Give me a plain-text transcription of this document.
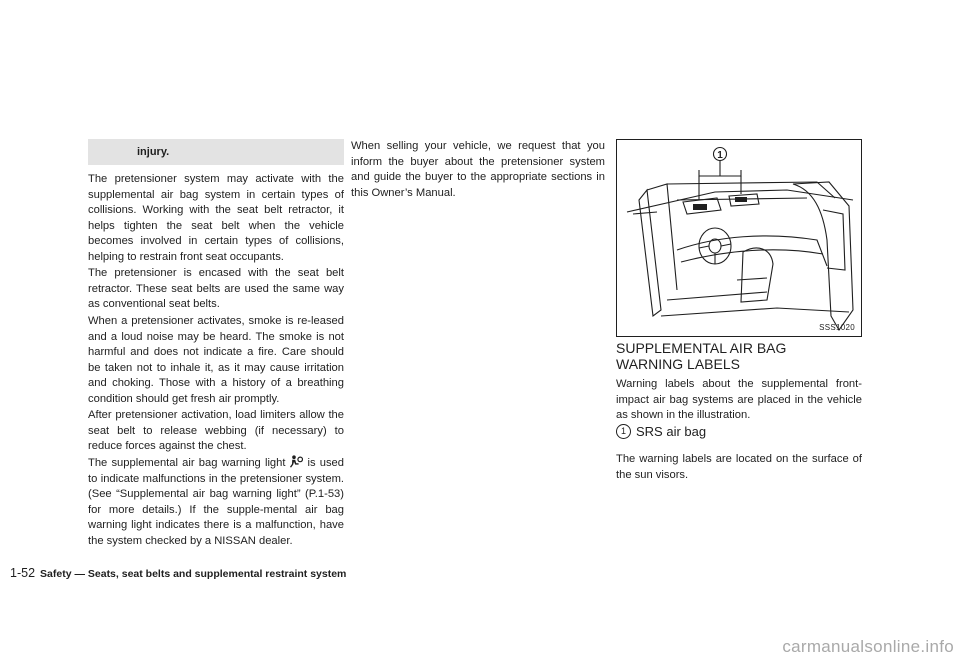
injury.

The pretensioner system may activate with the supplemental air bag system in certain types of collisions. Working with the seat belt retractor, it helps tighten the seat belt when the vehicle becomes involved in certain types of collisions, helping to restrain front seat occupants.

The pretensioner is encased with the seat belt retractor. These seat belts are used the same way as conventional seat belts.

When a pretensioner activates, smoke is re-leased and a loud noise may be heard. The smoke is not harmful and does not indicate a fire. Care should be taken not to inhale it, as it may cause irritation and choking. Those with a history of a breathing condition should get fresh air promptly.

After pretensioner activation, load limiters allow the seat belt to release webbing (if necessary) to reduce forces against the chest.

The supplemental air bag warning light is used to indicate malfunctions in the pretensioner system. (See “Supplemental air bag warning light” (P.1-53) for more details.) If the supple-mental air bag warning light indicates there is a malfunction, have the system checked by a NISSAN dealer.

When selling your vehicle, we request that you inform the buyer about the pretensioner system and guide the buyer to the appropriate sections in this Owner’s Manual.

1
SSS1020
SUPPLEMENTAL AIR BAG WARNING LABELS

Warning labels about the supplemental front-impact air bag systems are placed in the vehicle as shown in the illustration.

1 SRS air bag

The warning labels are located on the surface of the sun visors.

1-52 Safety — Seats, seat belts and supplemental restraint system
carmanualsonline.info
